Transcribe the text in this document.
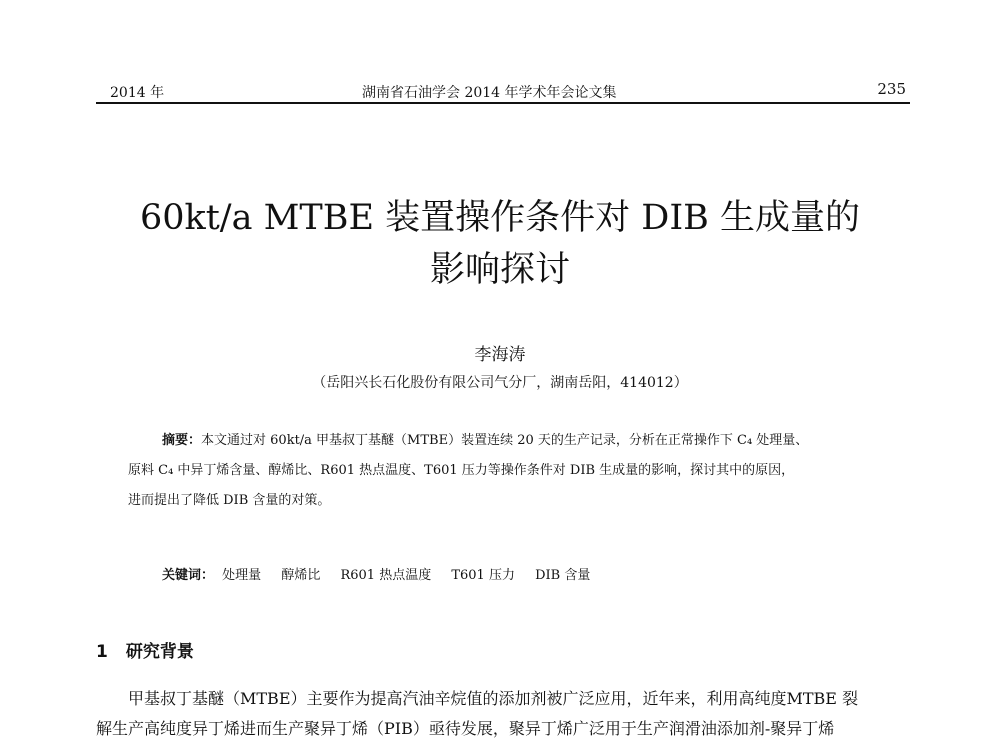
2014 年	湖南省石油学会 2014 年学术年会论文集	235
60kt/a MTBE 装置操作条件对 DIB 生成量的
影响探讨
李海涛
（岳阳兴长石化股份有限公司气分厂，湖南岳阳，414012）
摘要：本文通过对 60kt/a 甲基叔丁基醚（MTBE）装置连续 20 天的生产记录，分析在正常操作下 C₄ 处理量、
原料 C₄ 中异丁烯含量、醇烯比、R601 热点温度、T601 压力等操作条件对 DIB 生成量的影响，探讨其中的原因，
进而提出了降低 DIB 含量的对策。
关键词： 处理量 醇烯比 R601 热点温度 T601 压力 DIB 含量
1 研究背景
甲基叔丁基醚（MTBE）主要作为提高汽油辛烷值的添加剂被广泛应用，近年来，利用高纯度MTBE 裂
解生产高纯度异丁烯进而生产聚异丁烯（PIB）亟待发展，聚异丁烯广泛用于生产润滑油添加剂-聚异丁烯
